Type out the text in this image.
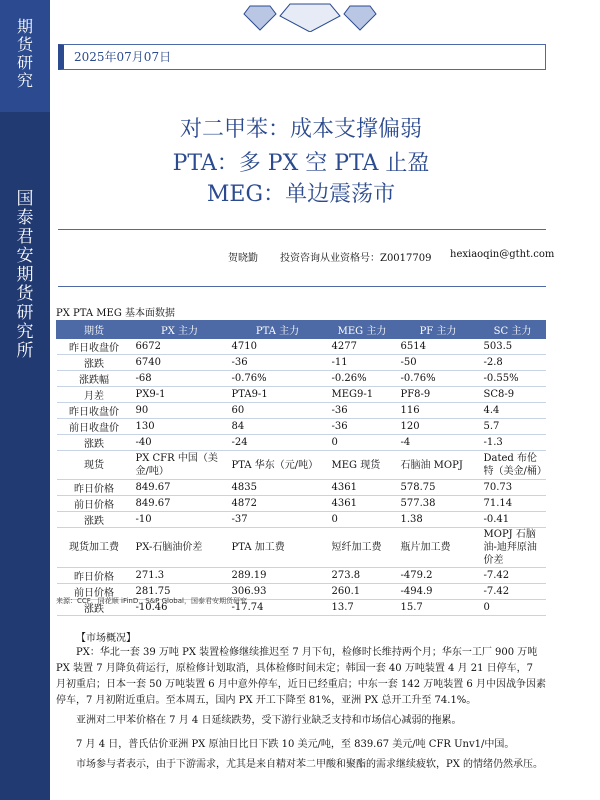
期货研究
国泰君安期货研究所
2025年07月07日
对二甲苯：成本支撑偏弱
PTA：多 PX 空 PTA 止盈
MEG：单边震荡市
贺晓勤 投资咨询从业资格号：Z0017709 hexiaoqin@gtht.com
PX PTA MEG 基本面数据
期货	PX 主力	PTA 主力	MEG 主力	PF 主力	SC 主力
昨日收盘价	6672	4710	4277	6514	503.5
涨跌	6740	-36	-11	-50	-2.8
涨跌幅	-68	-0.76%	-0.26%	-0.76%	-0.55%
月差	PX9-1	PTA9-1	MEG9-1	PF8-9	SC8-9
昨日收盘价	90	60	-36	116	4.4
前日收盘价	130	84	-36	120	5.7
涨跌	-40	-24	0	-4	-1.3
现货	PX CFR 中国（美金/吨）	PTA 华东（元/吨）	MEG 现货	石脑油 MOPJ	Dated 布伦特（美金/桶）
昨日价格	849.67	4835	4361	578.75	70.73
前日价格	849.67	4872	4361	577.38	71.14
涨跌	-10	-37	0	1.38	-0.41
现货加工费	PX-石脑油价差	PTA 加工费	短纤加工费	瓶片加工费	MOPJ 石脑油-迪拜原油价差
昨日价格	271.3	289.19	273.8	-479.2	-7.42
前日价格	281.75	306.93	260.1	-494.9	-7.42
涨跌	-10.46	-17.74	13.7	15.7	0
来源：CCF，同花顺 iFinD，S&P Global，国泰君安期货研究
【市场概况】
PX：华北一套 39 万吨 PX 装置检修继续推迟至 7 月下旬，检修时长维持两个月；华东一工厂 900 万吨 PX 装置 7 月降负荷运行，原检修计划取消，具体检修时间未定；韩国一套 40 万吨装置 4 月 21 日停车，7 月初重启；日本一套 50 万吨装置 6 月中意外停车，近日已经重启；中东一套 142 万吨装置 6 月中因战争因素停车，7 月初附近重启。至本周五，国内 PX 开工下降至 81%，亚洲 PX 总开工升至 74.1%。
亚洲对二甲苯价格在 7 月 4 日延续跌势，受下游行业缺乏支持和市场信心减弱的拖累。
7 月 4 日，普氏估价亚洲 PX 原油日比日下跌 10 美元/吨，至 839.67 美元/吨 CFR Unv1/中国。
市场参与者表示，由于下游需求，尤其是来自精对苯二甲酸和聚酯的需求继续疲软，PX 的情绪仍然承压。
